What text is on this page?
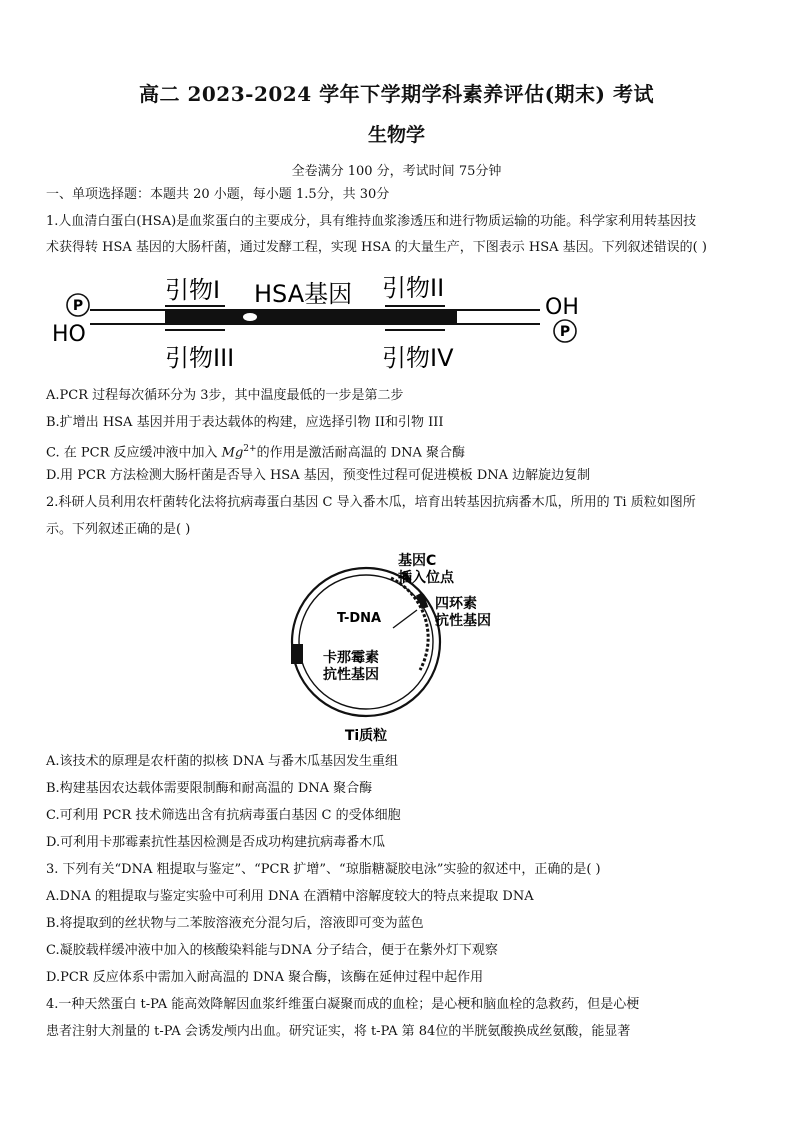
高二 2023-2024 学年下学期学科素养评估(期末) 考试
生物学
全卷满分 100 分，考试时间 75分钟
一、单项选择题：本题共 20 小题，每小题 1.5分，共 30分
1.人血清白蛋白(HSA)是血浆蛋白的主要成分，具有维持血浆渗透压和进行物质运输的功能。科学家利用转基因技
术获得转 HSA 基因的大肠杆菌，通过发酵工程，实现 HSA 的大量生产，下图表示 HSA 基因。下列叙述错误的( )
P
HO
OH
P
引物I HSA基因 引物II
引物III	引物IV
A.PCR 过程每次循环分为 3步，其中温度最低的一步是第二步
B.扩增出 HSA 基因并用于表达载体的构建，应选择引物 II和引物 III
C. 在 PCR 反应缓冲液中加入 $Mg^{2+}$的作用是激活耐高温的 DNA 聚合酶
D.用 PCR 方法检测大肠杆菌是否导入 HSA 基因，预变性过程可促进模板 DNA 边解旋边复制
2.科研人员利用农杆菌转化法将抗病毒蛋白基因 C 导入番木瓜，培育出转基因抗病番木瓜，所用的 Ti 质粒如图所
示。下列叙述正确的是( )
基因C
插入位点
四环素
抗性基因
T-DNA
卡那霉素
抗性基因
Ti质粒
A.该技术的原理是农杆菌的拟核 DNA 与番木瓜基因发生重组
B.构建基因农达载体需要限制酶和耐高温的 DNA 聚合酶
C.可利用 PCR 技术筛选出含有抗病毒蛋白基因 C 的受体细胞
D.可利用卡那霉素抗性基因检测是否成功构建抗病毒番木瓜
3. 下列有关“DNA 粗提取与鉴定”、“PCR 扩增”、“琼脂糖凝胶电泳”实验的叙述中，正确的是( )
A.DNA 的粗提取与鉴定实验中可利用 DNA 在酒精中溶解度较大的特点来提取 DNA
B.将提取到的丝状物与二苯胺溶液充分混匀后，溶液即可变为蓝色
C.凝胶载样缓冲液中加入的核酸染料能与DNA 分子结合，便于在紫外灯下观察
D.PCR 反应体系中需加入耐高温的 DNA 聚合酶，该酶在延伸过程中起作用
4.一种天然蛋白 t-PA 能高效降解因血浆纤维蛋白凝聚而成的血栓；是心梗和脑血栓的急救药，但是心梗
患者注射大剂量的 t-PA 会诱发颅内出血。研究证实，将 t-PA 第 84位的半胱氨酸换成丝氨酸，能显著
